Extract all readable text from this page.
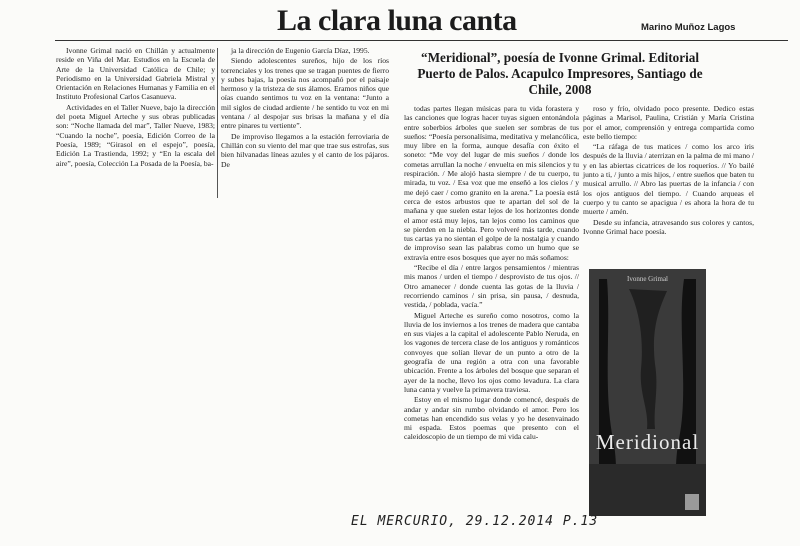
La clara luna canta	Marino Muñoz Lagos

Ivonne Grimal nació en Chillán y actualmente reside en Viña del Mar. Estudios en la Escuela de Arte de la Universidad Católica de Chile; y Periodismo en la Universidad Gabriela Mistral y Orientación en Relaciones Humanas y Familia en el Instituto Profesional Carlos Casanueva.

Actividades en el Taller Nueve, bajo la dirección del poeta Miguel Arteche y sus obras publicadas son: “Noche llamada del mar”, Taller Nueve, 1983; “Cuando la noche”, poesía, Edición Correo de la Poesía, 1989; “Girasol en el espejo”, poesía, Edición La Trastienda, 1992; y “En la escala del aire”, poesía, Colección La Posada de la Poesía, ba-

ja la dirección de Eugenio García Díaz, 1995.

Siendo adolescentes sureños, hijo de los ríos torrenciales y los trenes que se tragan puentes de fierro y subes bajas, la poesía nos acompañó por el paisaje hermoso y la tristeza de sus álamos. Eramos niños que oías cuando sentimos tu voz en la ventana: “Junto a mil siglos de ciudad ardiente / he sentido tu voz en mi ventana / al despojar sus brisas la mañana y el día entre pinares tu vertiente”.

De improviso llegamos a la estación ferroviaria de Chillán con su viento del mar que trae sus estrofas, sus bien hilvanadas líneas azules y el canto de los pájaros. De

“Meridional”, poesía de Ivonne Grimal. Editorial Puerto de Palos. Acapulco Impresores, Santiago de Chile, 2008

todas partes llegan músicas para tu vida forastera y las canciones que logras hacer tuyas siguen entonándola entre soberbios árboles que suelen ser sombras de tus sueños: “Poesía personalísima, meditativa y melancólica, muy libre en la forma, aunque desafía con éxito el soneto: “Me voy del lugar de mis sueños / donde los cometas arrullan la noche / envuelta en mis silencios y tu respiración. / Me alojó hasta siempre / de tu cuerpo, tu mirada, tu voz. / Esa voz que me enseñó a los cielos / y me dejó caer / como granito en la arena.” La poesía está cerca de estos arbustos que te apartan del sol de la mañana y que suelen estar lejos de los horizontes donde el amor está muy lejos, tan lejos como los caminos que se pierden en la niebla. Pero volveré más tarde, cuando tus cartas ya no sientan el golpe de la nostalgia y cuando de improviso sean las palabras como un humo que se extravía entre esos bosques que ayer no más soñamos:

“Recibe el día / entre largos pensamientos / mientras mis manos / urden el tiempo / desprovisto de tus ojos. // Otro amanecer / donde cuenta las gotas de la lluvia / recorriendo caminos / sin prisa, sin pausa, / desnuda, vestida, / poblada, vacía.”

Miguel Arteche es sureño como nosotros, como la lluvia de los inviernos a los trenes de madera que cantaba en sus viajes a la capital el adolescente Pablo Neruda, en los vagones de tercera clase de los antiguos y románticos convoyes que solían llevar de un punto a otro de la geografía de una región a otra con una favorable ubicación. Frente a los árboles del bosque que separan el ayer de la noche, llevo los ojos como levadura. La clara luna canta y vuelve la primavera traviesa.

Estoy en el mismo lugar donde comencé, después de andar y andar sin rumbo olvidando el amor. Pero los cometas han encendido sus velas y yo he desenvainado mi espada. Estos poemas que presento con el caleidoscopio de un tiempo de mi vida calu-

roso y frío, olvidado poco presente. Dedico estas páginas a Marisol, Paulina, Cristián y María Cristina por el amor, comprensión y entrega compartida como este bello tiempo:

“La ráfaga de tus matices / como los arco iris después de la lluvia / aterrizan en la palma de mi mano / y en las abiertas cicatrices de los roqueríos. // Yo bailé junto a ti, / junto a mis hijos, / entre sueños que baten tu musical arrullo. // Abro las puertas de la infancia / con los ojos antiguos del tiempo. / Cuando arqueas el cuerpo y tu canto se apacigua / es ahora la hora de tu muerte / amén.

Desde su infancia, atravesando sus colores y cantos, Ivonne Grimal hace poesía.

Ivonne Grimal
Meridional
EL MERCURIO, 29.12.2014 P.13
